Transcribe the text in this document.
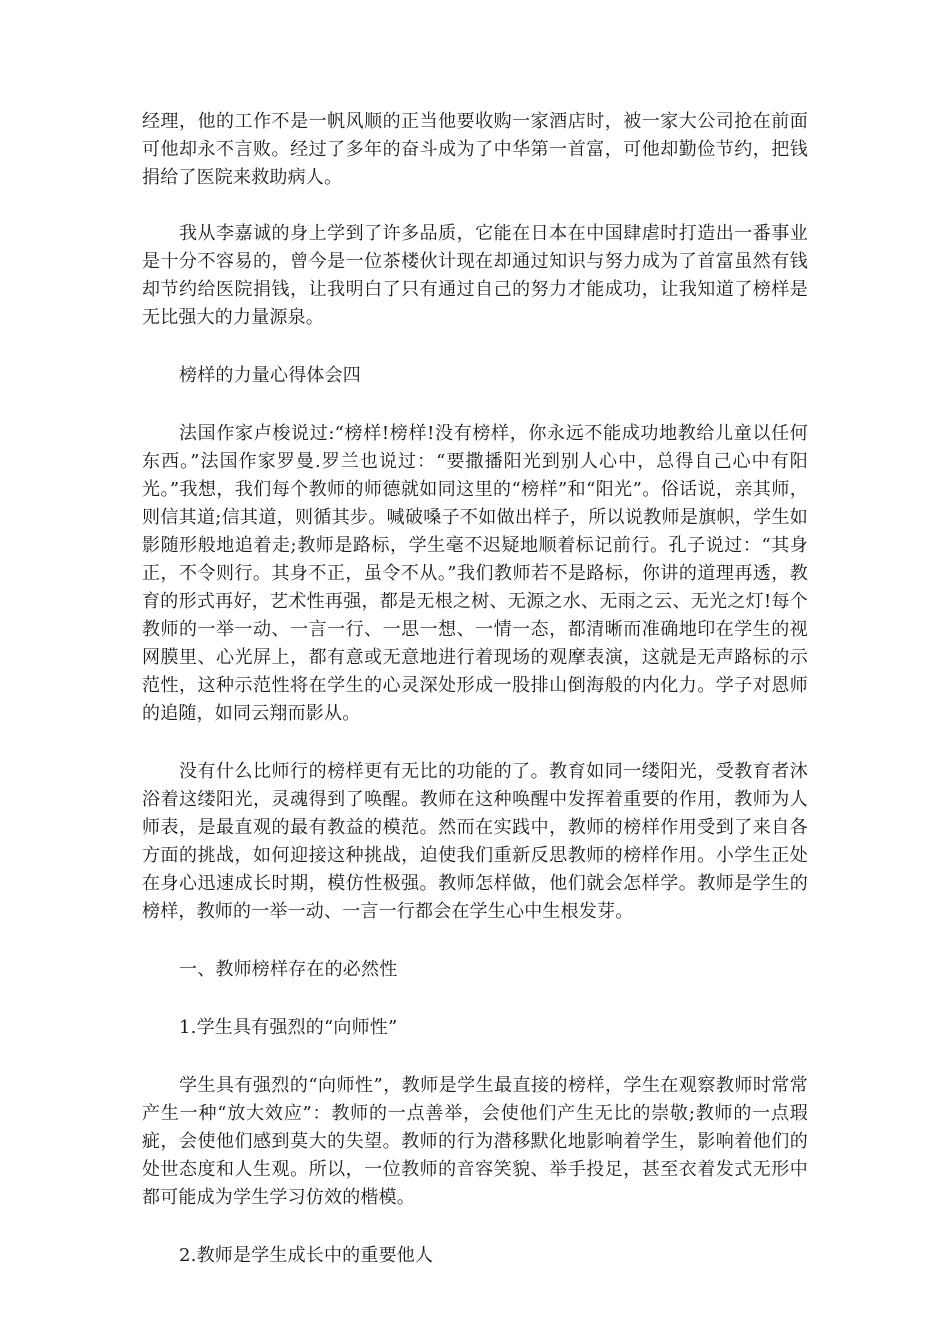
经理，他的工作不是一帆风顺的正当他要收购一家酒店时，被一家大公司抢在前面可他却永不言败。经过了多年的奋斗成为了中华第一首富，可他却勤俭节约，把钱捐给了医院来救助病人。

我从李嘉诚的身上学到了许多品质，它能在日本在中国肆虐时打造出一番事业是十分不容易的，曾今是一位茶楼伙计现在却通过知识与努力成为了首富虽然有钱却节约给医院捐钱，让我明白了只有通过自己的努力才能成功，让我知道了榜样是无比强大的力量源泉。

榜样的力量心得体会四

法国作家卢梭说过:“榜样!榜样!没有榜样，你永远不能成功地教给儿童以任何东西。”法国作家罗曼.罗兰也说过：“要撒播阳光到别人心中，总得自己心中有阳光。”我想，我们每个教师的师德就如同这里的“榜样”和“阳光”。俗话说，亲其师，则信其道;信其道，则循其步。喊破嗓子不如做出样子，所以说教师是旗帜，学生如影随形般地追着走;教师是路标，学生毫不迟疑地顺着标记前行。孔子说过：“其身正，不令则行。其身不正，虽令不从。”我们教师若不是路标，你讲的道理再透，教育的形式再好，艺术性再强，都是无根之树、无源之水、无雨之云、无光之灯!每个教师的一举一动、一言一行、一思一想、一情一态，都清晰而准确地印在学生的视网膜里、心光屏上，都有意或无意地进行着现场的观摩表演，这就是无声路标的示范性，这种示范性将在学生的心灵深处形成一股排山倒海般的内化力。学子对恩师的追随，如同云翔而影从。

没有什么比师行的榜样更有无比的功能的了。教育如同一缕阳光，受教育者沐浴着这缕阳光，灵魂得到了唤醒。教师在这种唤醒中发挥着重要的作用，教师为人师表，是最直观的最有教益的模范。然而在实践中，教师的榜样作用受到了来自各方面的挑战，如何迎接这种挑战，迫使我们重新反思教师的榜样作用。小学生正处在身心迅速成长时期，模仿性极强。教师怎样做，他们就会怎样学。教师是学生的榜样，教师的一举一动、一言一行都会在学生心中生根发芽。

一、教师榜样存在的必然性

1.学生具有强烈的“向师性”

学生具有强烈的“向师性”，教师是学生最直接的榜样，学生在观察教师时常常产生一种“放大效应”：教师的一点善举，会使他们产生无比的崇敬;教师的一点瑕疵，会使他们感到莫大的失望。教师的行为潜移默化地影响着学生，影响着他们的处世态度和人生观。所以，一位教师的音容笑貌、举手投足，甚至衣着发式无形中都可能成为学生学习仿效的楷模。

2.教师是学生成长中的重要他人
